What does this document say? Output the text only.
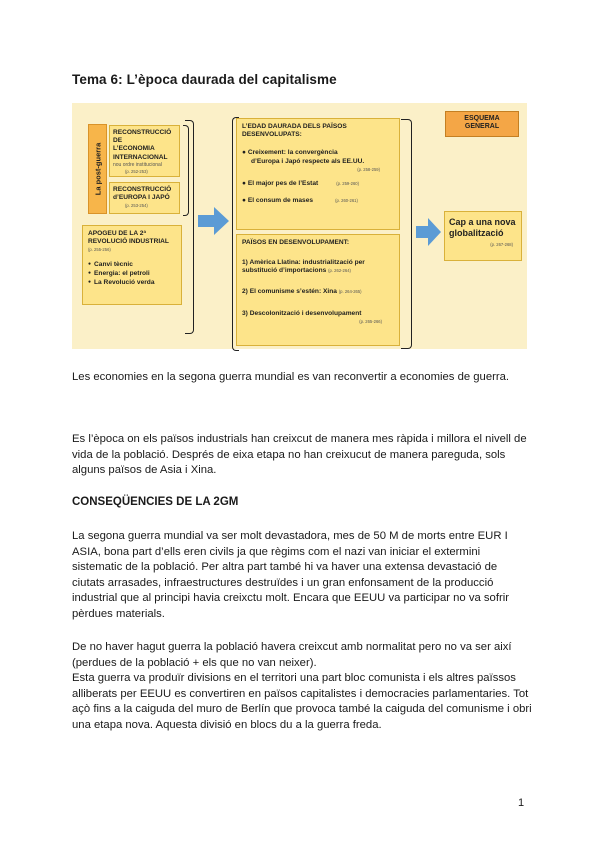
Tema 6: L’època daurada del capitalisme
La post-guerra
RECONSTRUCCIÓ DE
L’ECONOMIA
INTERNACIONAL
nou ordre institucional
(p. 252-253)
RECONSTRUCCIÓ
d’EUROPA I JAPÓ
(p. 253-254)
APOGEU DE LA 2ª
REVOLUCIÓ INDUSTRIAL
(p. 255-256)
● Canvi tècnic
● Energia: el petroli
● La Revolució verda
L’EDAD DAURADA DELS PAÏSOS
DESENVOLUPATS:
● Creixement: la convergència
d’Europa i Japó respecte als EE.UU.
(p. 258-259)
● El major pes de l’Estat	(p. 259-260)
● El consum de mases	(p. 260-261)
PAÏSOS EN DESENVOLUPAMENT:
1) Amèrica Llatina: industrialització per
substitució d’importacions (p. 262-264)
2) El comunisme s’estén: Xina (p. 264-265)
3) Descolonització i desenvolupament
(p. 265-266)
ESQUEMA
GENERAL
Cap a una nova
globalització
(p. 267-268)
Les economies en la segona guerra mundial es van reconvertir a economies de guerra.
Es l’època on els països industrials han creixcut de manera mes ràpida i millora el nivell de vida de la població. Després de eixa etapa no han creixucut de manera pareguda, sols alguns països de Asia i Xina.
CONSEQÜENCIES DE LA 2GM
La segona guerra mundial va ser molt devastadora, mes de 50 M de morts entre EUR I ASIA, bona part d’ells eren civils ja que règims com el nazi van iniciar el extermini sistematic de la població. Per altra part també hi va haver una extensa devastació de ciutats arrasades, infraestructures destruïdes i un gran enfonsament de la producció industrial que al principi havia creixctu molt. Encara que EEUU va participar no va sofrir pèrdues materials.
De no haver hagut guerra la població havera creixcut amb normalitat pero no va ser així (perdues de la població + els que no van neixer).
Esta guerra va produïr divisions en el territori una part bloc comunista i els altres païssos alliberats per EEUU es convertiren en països capitalistes i democracies parlamentaries. Tot açò fins a la caiguda del muro de Berlín que provoca també la caiguda del comunisme i obri una etapa nova. Aquesta divisió en blocs du a la guerra freda.
1
